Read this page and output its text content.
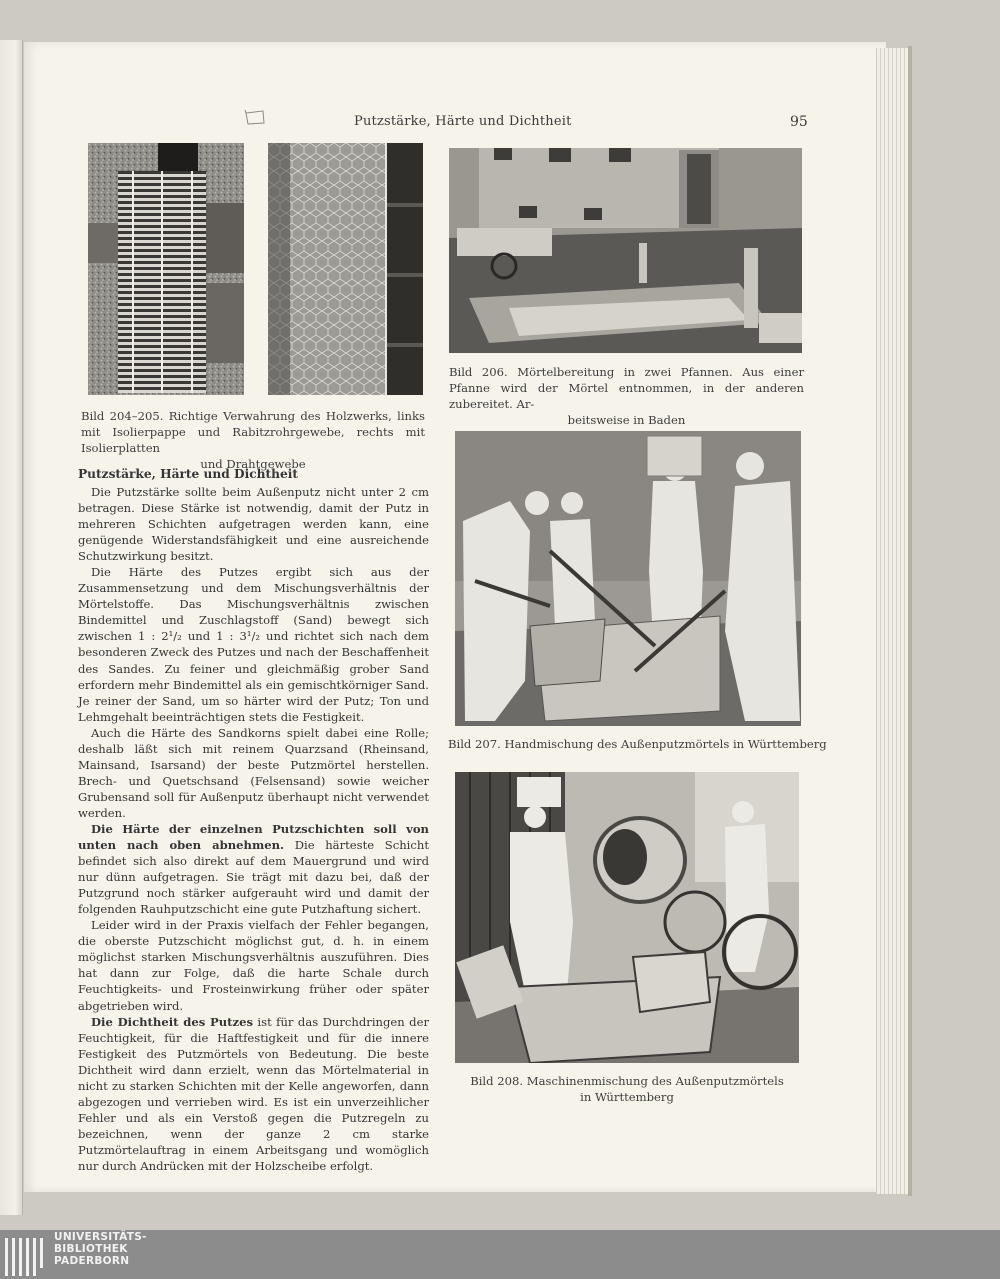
Putzstärke, Härte und Dichtheit	95
Bild 204–205. Richtige Verwahrung des Holzwerks, links mit Isolierpappe und Rabitzrohrgewebe, rechts mit Isolierplatten
und Drahtgewebe
Bild 206. Mörtelbereitung in zwei Pfannen. Aus einer Pfanne wird der Mörtel entnommen, in der anderen zubereitet. Ar-
beitsweise in Baden
Bild 207. Handmischung des Außenputzmörtels in Württemberg
Bild 208. Maschinenmischung des Außenputzmörtels
in Württemberg
Putzstärke, Härte und Dichtheit

Die Putzstärke sollte beim Außenputz nicht unter 2 cm betragen. Diese Stärke ist notwendig, damit der Putz in mehreren Schichten aufgetragen werden kann, eine genügende Widerstandsfähigkeit und eine ausreichende Schutzwirkung besitzt.

Die Härte des Putzes ergibt sich aus der Zusammensetzung und dem Mischungsverhältnis der Mörtelstoffe. Das Mischungsverhältnis zwischen Bindemittel und Zuschlagstoff (Sand) bewegt sich zwischen 1 : 2¹/₂ und 1 : 3¹/₂ und richtet sich nach dem besonderen Zweck des Putzes und nach der Beschaffenheit des Sandes. Zu feiner und gleichmäßig grober Sand erfordern mehr Bindemittel als ein gemischtkörniger Sand. Je reiner der Sand, um so härter wird der Putz; Ton und Lehmgehalt beeinträchtigen stets die Festigkeit.

Auch die Härte des Sandkorns spielt dabei eine Rolle; deshalb läßt sich mit reinem Quarzsand (Rheinsand, Mainsand, Isarsand) der beste Putzmörtel herstellen. Brech- und Quetschsand (Felsensand) sowie weicher Grubensand soll für Außenputz überhaupt nicht verwendet werden.

Die Härte der einzelnen Putzschichten soll von unten nach oben abnehmen. Die härteste Schicht befindet sich also direkt auf dem Mauergrund und wird nur dünn aufgetragen. Sie trägt mit dazu bei, daß der Putzgrund noch stärker aufgerauht wird und damit der folgenden Rauhputzschicht eine gute Putzhaftung sichert.

Leider wird in der Praxis vielfach der Fehler begangen, die oberste Putzschicht möglichst gut, d. h. in einem möglichst starken Mischungsverhältnis auszuführen. Dies hat dann zur Folge, daß die harte Schale durch Feuchtigkeits- und Frosteinwirkung früher oder später abgetrieben wird.

Die Dichtheit des Putzes ist für das Durchdringen der Feuchtigkeit, für die Haftfestigkeit und für die innere Festigkeit des Putzmörtels von Bedeutung. Die beste Dichtheit wird dann erzielt, wenn das Mörtelmaterial in nicht zu starken Schichten mit der Kelle angeworfen, dann abgezogen und verrieben wird. Es ist ein unverzeihlicher Fehler und als ein Verstoß gegen die Putzregeln zu bezeichnen, wenn der ganze 2 cm starke Putzmörtelauftrag in einem Arbeitsgang und womöglich nur durch Andrücken mit der Holzscheibe erfolgt.

UNIVERSITÄTS-
BIBLIOTHEK
PADERBORN
